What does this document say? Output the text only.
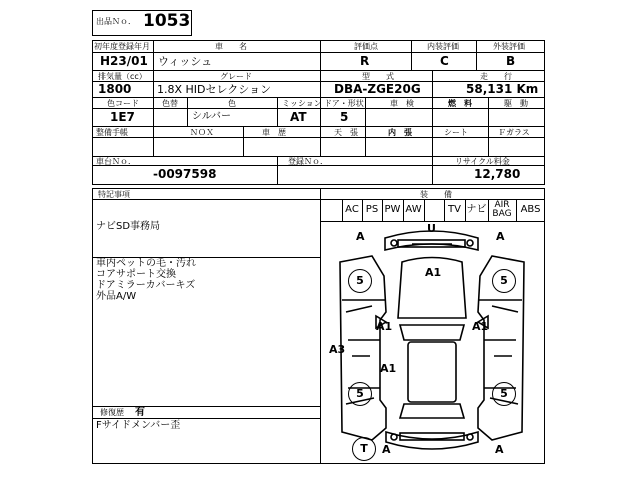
出品Ｎｏ． 1053
初年度登録年月
H23/01
車　　名
ウィッシュ
評価点
R
内装評価
C
外装評価
B
排気量（cc）
1800
グレード
1.8X HIDセレクション
型　　式
DBA-ZGE20G
走　　行
58,131 Km
色コード
1E7
色替	色
シルバー
ミッション
AT
ドア・形状
5
車　検	燃　料	駆　動
整備手帳	ＮＯＸ	車　歴	天　張	内　張	シート	Ｆガラス
車台Ｎｏ．
-0097598
登録Ｎｏ．	リサイクル料金
12,780
特記事項	装　　備
ナビSD事務局
車内ペットの毛・汚れ
コアサポート交換
ドアミラーカバーキズ
外品A/W
修復歴 有
Fサイドメンバー歪
AC PS PW AW	TV ナビ AIR BAG ABS
A
U
A
A1
A1	A1
A3
A1
A	A
5	5
5	5
T
